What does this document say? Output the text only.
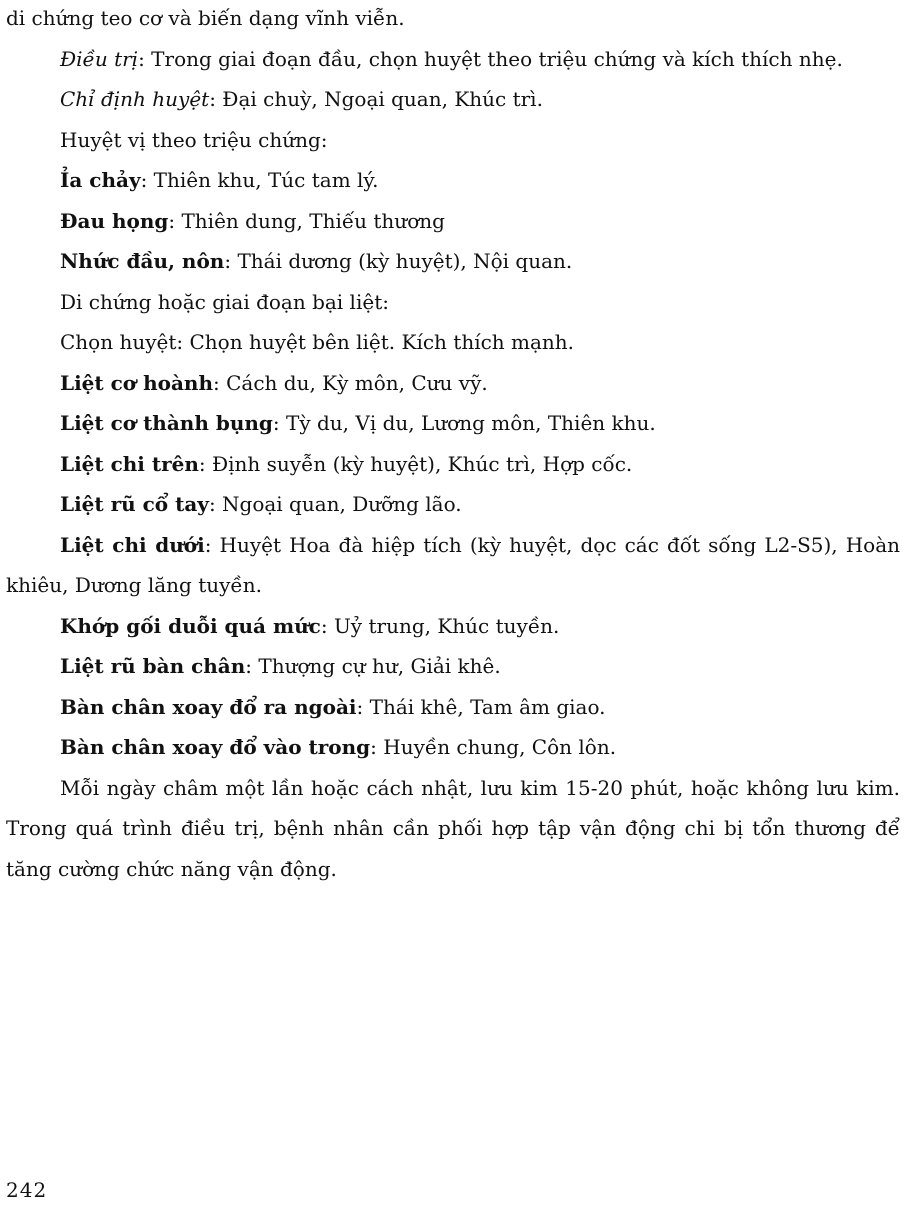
di chứng teo cơ và biến dạng vĩnh viễn.

Điều trị: Trong giai đoạn đầu, chọn huyệt theo triệu chứng và kích thích nhẹ.

Chỉ định huyệt: Đại chuỳ, Ngoại quan, Khúc trì.

Huyệt vị theo triệu chứng:

Ỉa chảy: Thiên khu, Túc tam lý.

Đau họng: Thiên dung, Thiếu thương

Nhức đầu, nôn: Thái dương (kỳ huyệt), Nội quan.

Di chứng hoặc giai đoạn bại liệt:

Chọn huyệt: Chọn huyệt bên liệt. Kích thích mạnh.

Liệt cơ hoành: Cách du, Kỳ môn, Cưu vỹ.

Liệt cơ thành bụng: Tỳ du, Vị du, Lương môn, Thiên khu.

Liệt chi trên: Định suyễn (kỳ huyệt), Khúc trì, Hợp cốc.

Liệt rũ cổ tay: Ngoại quan, Dưỡng lão.

Liệt chi dưới: Huyệt Hoa đà hiệp tích (kỳ huyệt, dọc các đốt sống L2-S5), Hoàn khiêu, Dương lăng tuyền.

Khớp gối duỗi quá mức: Uỷ trung, Khúc tuyền.

Liệt rũ bàn chân: Thượng cự hư, Giải khê.

Bàn chân xoay đổ ra ngoài: Thái khê, Tam âm giao.

Bàn chân xoay đổ vào trong: Huyền chung, Côn lôn.

Mỗi ngày châm một lần hoặc cách nhật, lưu kim 15-20 phút, hoặc không lưu kim. Trong quá trình điều trị, bệnh nhân cần phối hợp tập vận động chi bị tổn thương để tăng cường chức năng vận động.

242
